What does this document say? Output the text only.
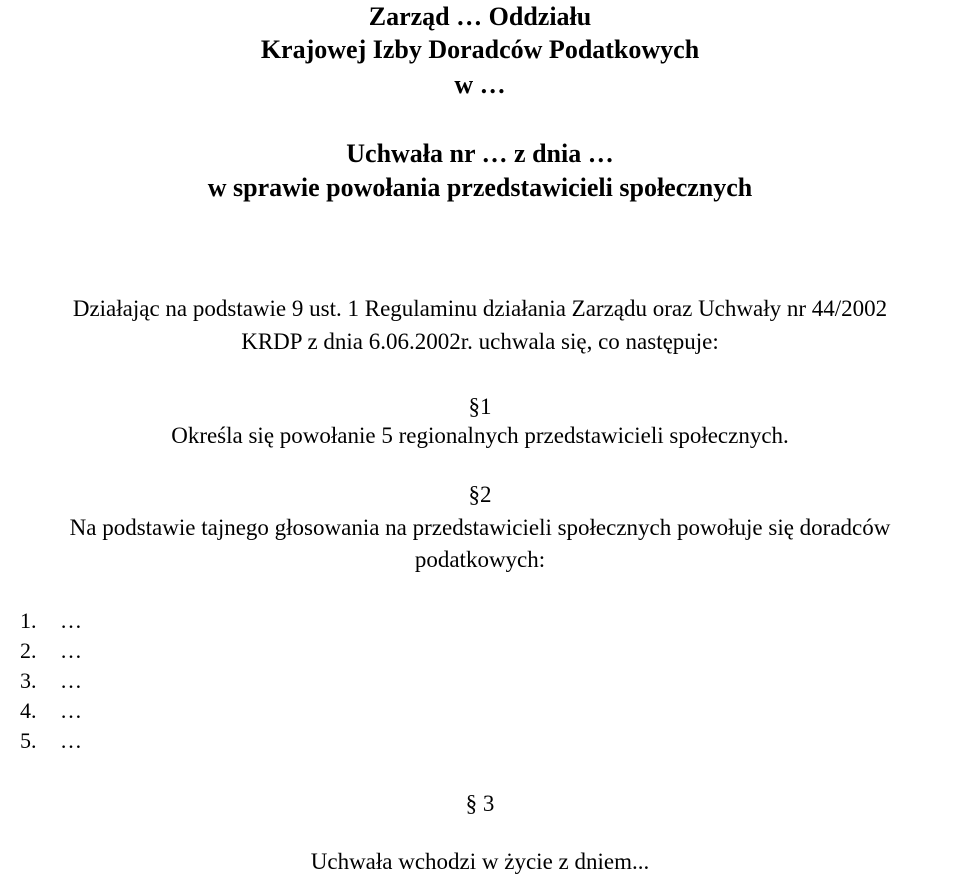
Zarząd … Oddziału
Krajowej Izby Doradców Podatkowych
w …
Uchwała nr … z dnia …
w sprawie powołania przedstawicieli społecznych
Działając na podstawie 9 ust. 1 Regulaminu działania Zarządu oraz Uchwały nr 44/2002
KRDP z dnia 6.06.2002r. uchwala się, co następuje:
§1
Określa się powołanie 5 regionalnych przedstawicieli społecznych.
§2
Na podstawie tajnego głosowania na przedstawicieli społecznych powołuje się doradców
podatkowych:
1. …
2. …
3. …
4. …
5. …
§ 3
Uchwała wchodzi w życie z dniem...
